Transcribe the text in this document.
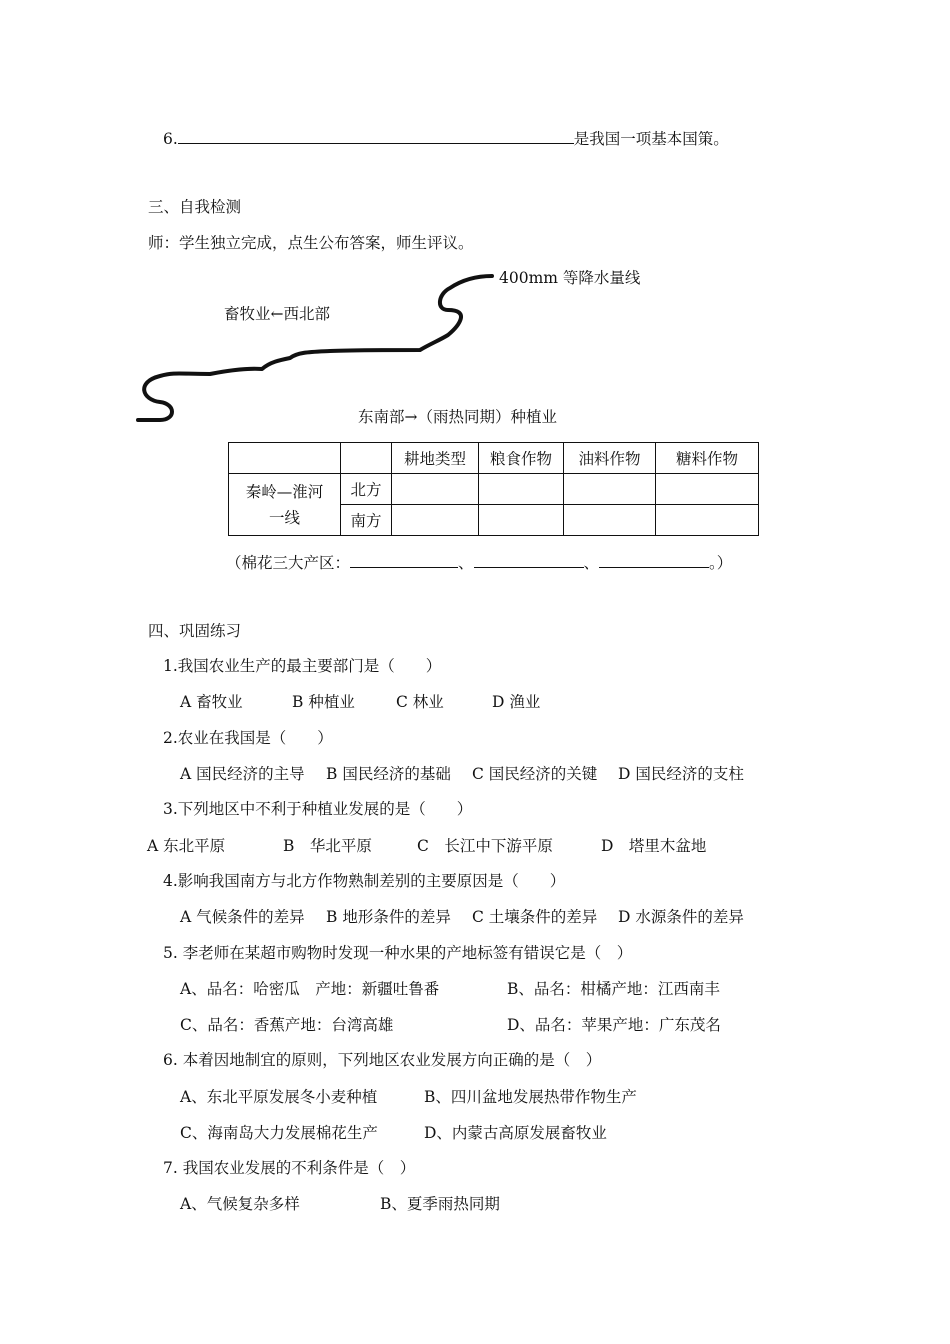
6.	是我国一项基本国策。
三、自我检测
师：学生独立完成，点生公布答案，师生评议。
400mm 等降水量线
畜牧业←西北部
东南部→（雨热同期）种植业
		耕地类型	粮食作物	油料作物	糖料作物
秦岭—淮河
一线	北方				
	南方				
（棉花三大产区：	、	、	。）
四、巩固练习
1.我国农业生产的最主要部门是（　　）
A 畜牧业	B 种植业	C 林业	D 渔业
2.农业在我国是（　　）
A 国民经济的主导 B 国民经济的基础 C 国民经济的关键 D 国民经济的支柱
3.下列地区中不利于种植业发展的是（　　）
A 东北平原	B　华北平原	C　长江中下游平原	D　塔里木盆地
4.影响我国南方与北方作物熟制差别的主要原因是（　　）
A 气候条件的差异 B 地形条件的差异 C 土壤条件的差异 D 水源条件的差异
5. 李老师在某超市购物时发现一种水果的产地标签有错误它是（　）
A、品名：哈密瓜　产地：新疆吐鲁番	B、品名：柑橘产地：江西南丰
C、品名：香蕉产地：台湾高雄	D、品名：苹果产地：广东茂名
6. 本着因地制宜的原则，下列地区农业发展方向正确的是（　）
A、东北平原发展冬小麦种植	B、四川盆地发展热带作物生产
C、海南岛大力发展棉花生产	D、内蒙古高原发展畜牧业
7. 我国农业发展的不利条件是（　）
A、气候复杂多样	B、夏季雨热同期
